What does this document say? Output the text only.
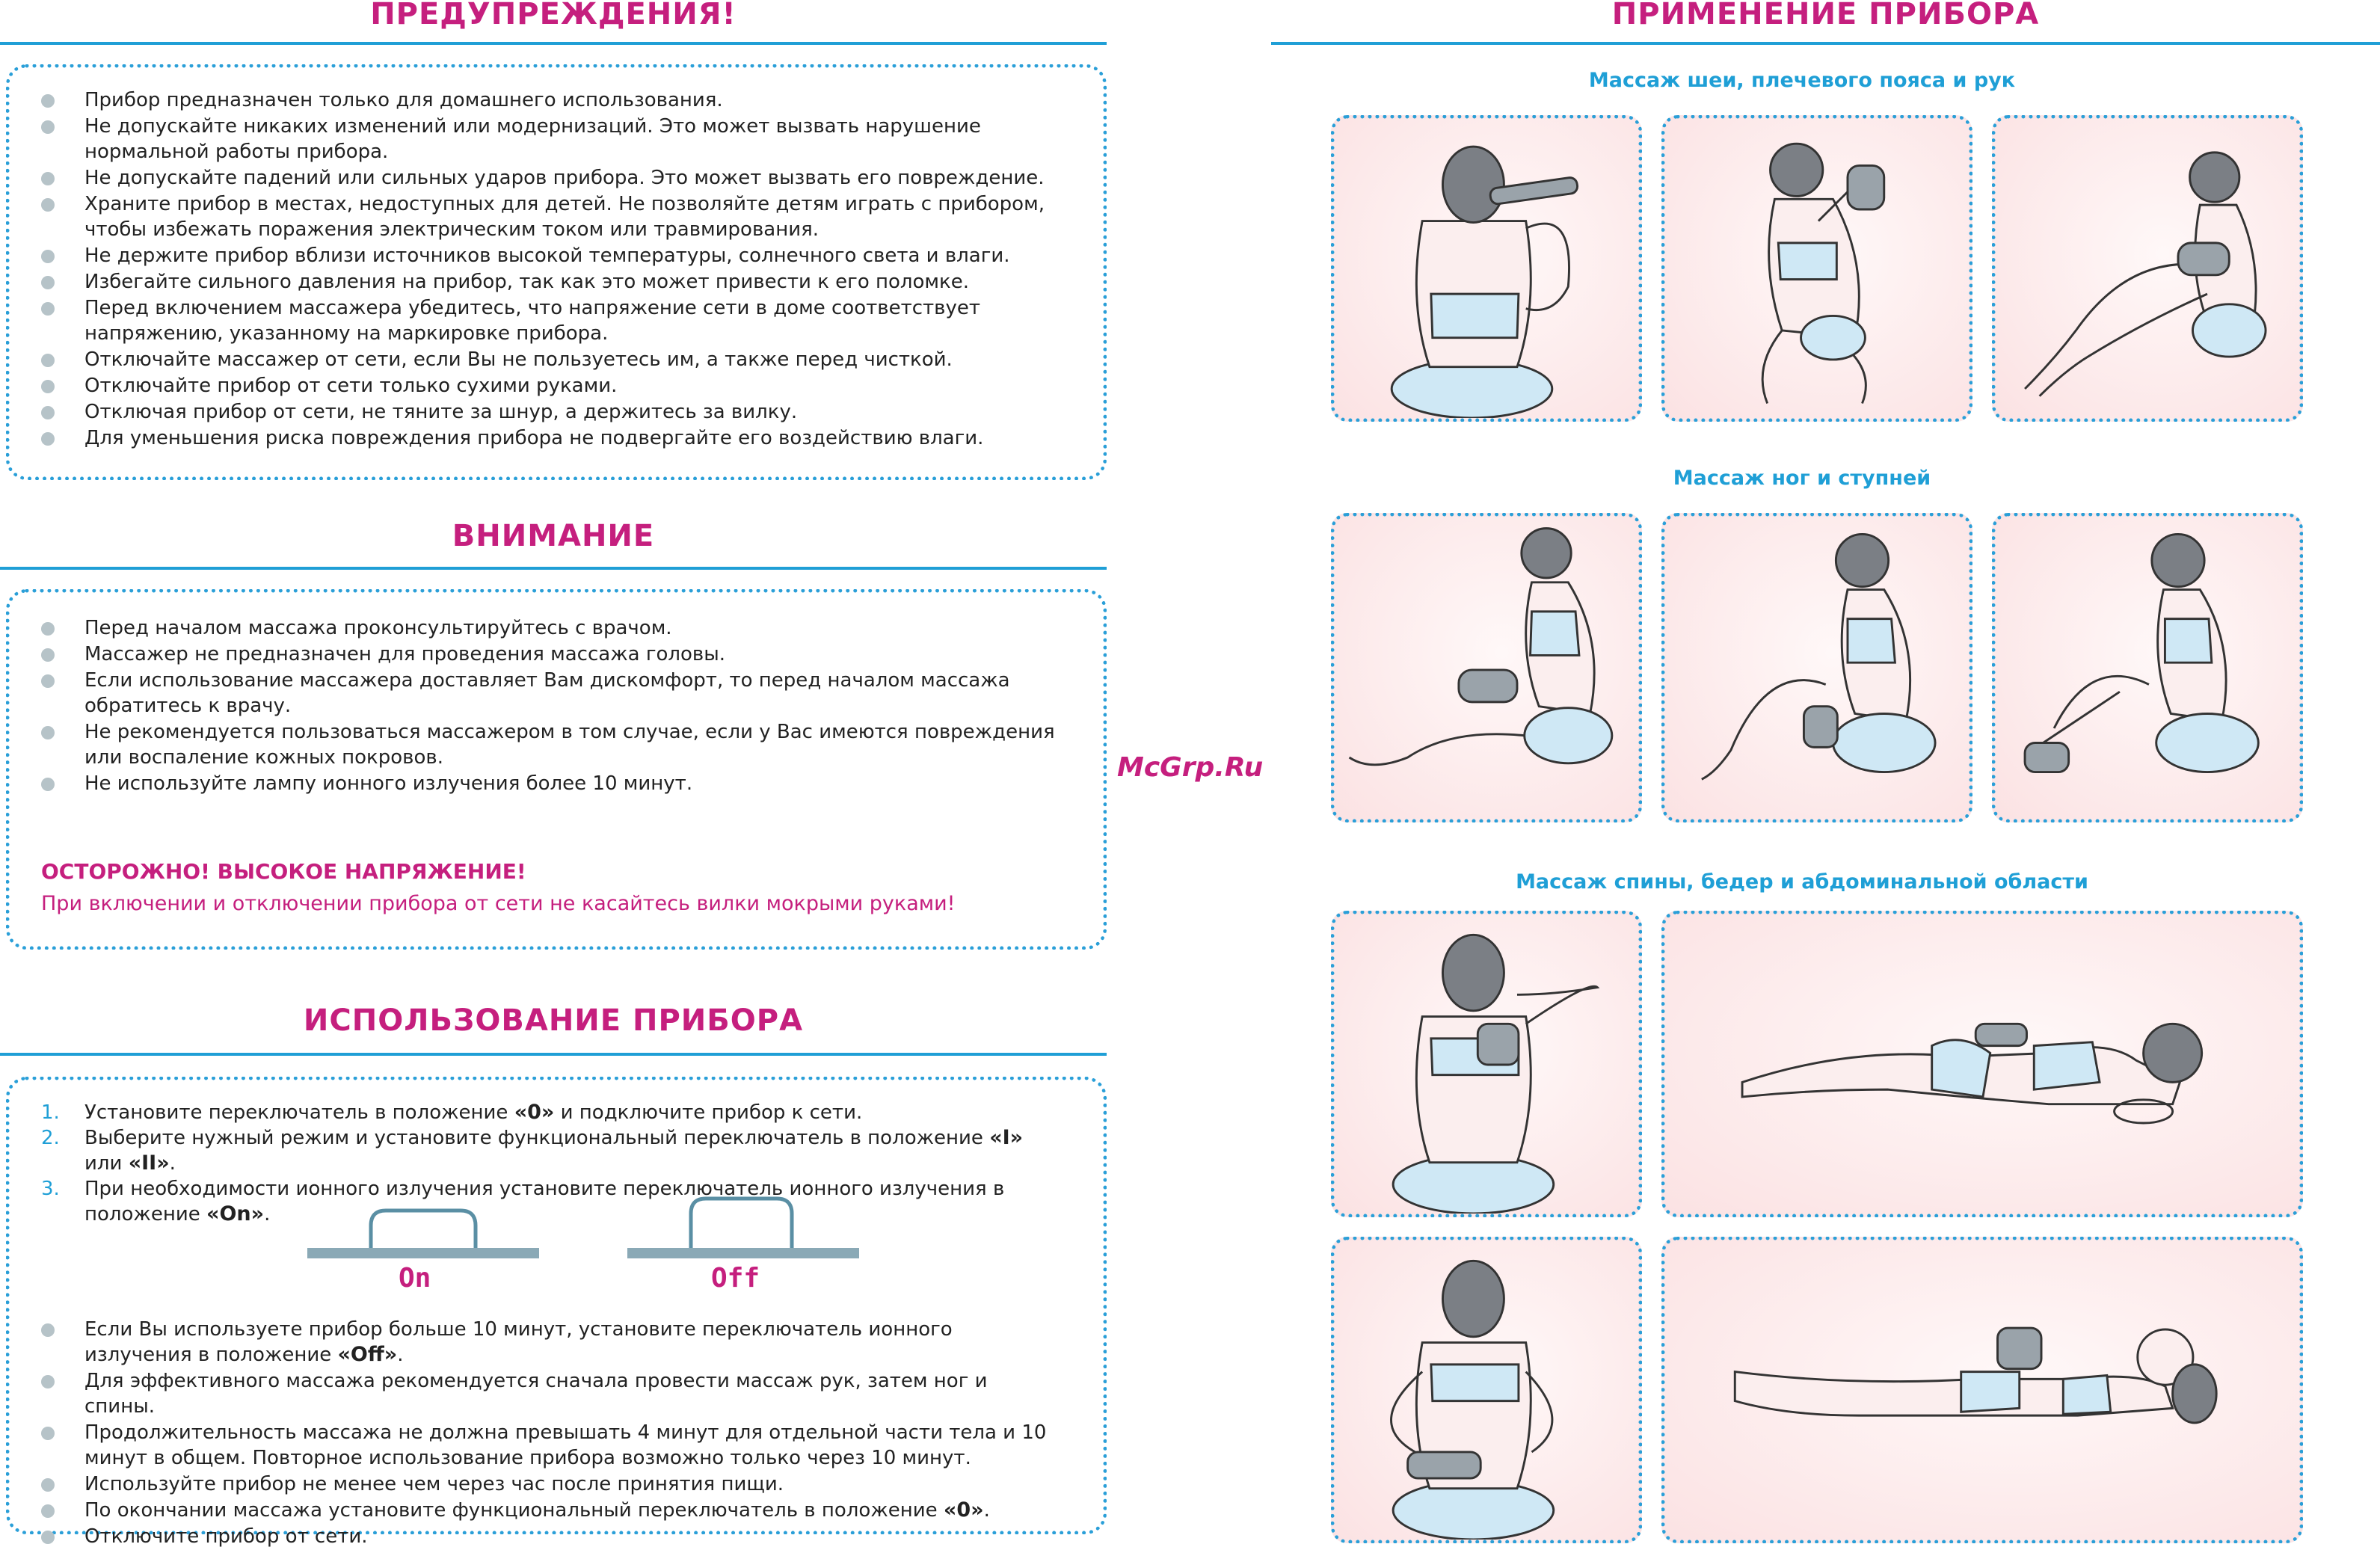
ПРЕДУПРЕЖДЕНИЯ!
Прибор предназначен только для домашнего использования.
Не допускайте никаких изменений или модернизаций. Это может вызвать нарушение нормальной работы прибора.
Не допускайте падений или сильных ударов прибора. Это может вызвать его повреждение.
Храните прибор в местах, недоступных для детей. Не позволяйте детям играть с прибором, чтобы избежать поражения электрическим током или травмирования.
Не держите прибор вблизи источников высокой температуры, солнечного света и влаги.
Избегайте сильного давления на прибор, так как это может привести к его поломке.
Перед включением массажера убедитесь, что напряжение сети в доме соответствует напряжению, указанному на маркировке прибора.
Отключайте массажер от сети, если Вы не пользуетесь им, а также перед чисткой.
Отключайте прибор от сети только сухими руками.
Отключая прибор от сети, не тяните за шнур, а держитесь за вилку.
Для уменьшения риска повреждения прибора не подвергайте его воздействию влаги.
ВНИМАНИЕ
Перед началом массажа проконсультируйтесь с врачом.
Массажер не предназначен для проведения массажа головы.
Если использование массажера доставляет Вам дискомфорт, то перед началом массажа обратитесь к врачу.
Не рекомендуется пользоваться массажером в том случае, если у Вас имеются повреждения или воспаление кожных покровов.
Не используйте лампу ионного излучения более 10 минут.
ОСТОРОЖНО! ВЫСОКОЕ НАПРЯЖЕНИЕ!
При включении и отключении прибора от сети не касайтесь вилки мокрыми руками!
ИСПОЛЬЗОВАНИЕ ПРИБОРА
1. Установите переключатель в положение «0» и подключите прибор к сети.
2. Выберите нужный режим и установите функциональный переключатель в положение «I» или «II».
3. При необходимости ионного излучения установите переключатель ионного излучения в положение «On».
On	Off
Если Вы используете прибор больше 10 минут, установите переключатель ионного излучения в положение «Off».
Для эффективного массажа рекомендуется сначала провести массаж рук, затем ног и спины.
Продолжительность массажа не должна превышать 4 минут для отдельной части тела и 10 минут в общем. Повторное использование прибора возможно только через 10 минут.
Используйте прибор не менее чем через час после принятия пищи.
По окончании массажа установите функциональный переключатель в положение «0».
Отключите прибор от сети.
McGrp.Ru
ПРИМЕНЕНИЕ ПРИБОРА
Массаж шеи, плечевого пояса и рук
Массаж ног и ступней
Массаж спины, бедер и абдоминальной области
